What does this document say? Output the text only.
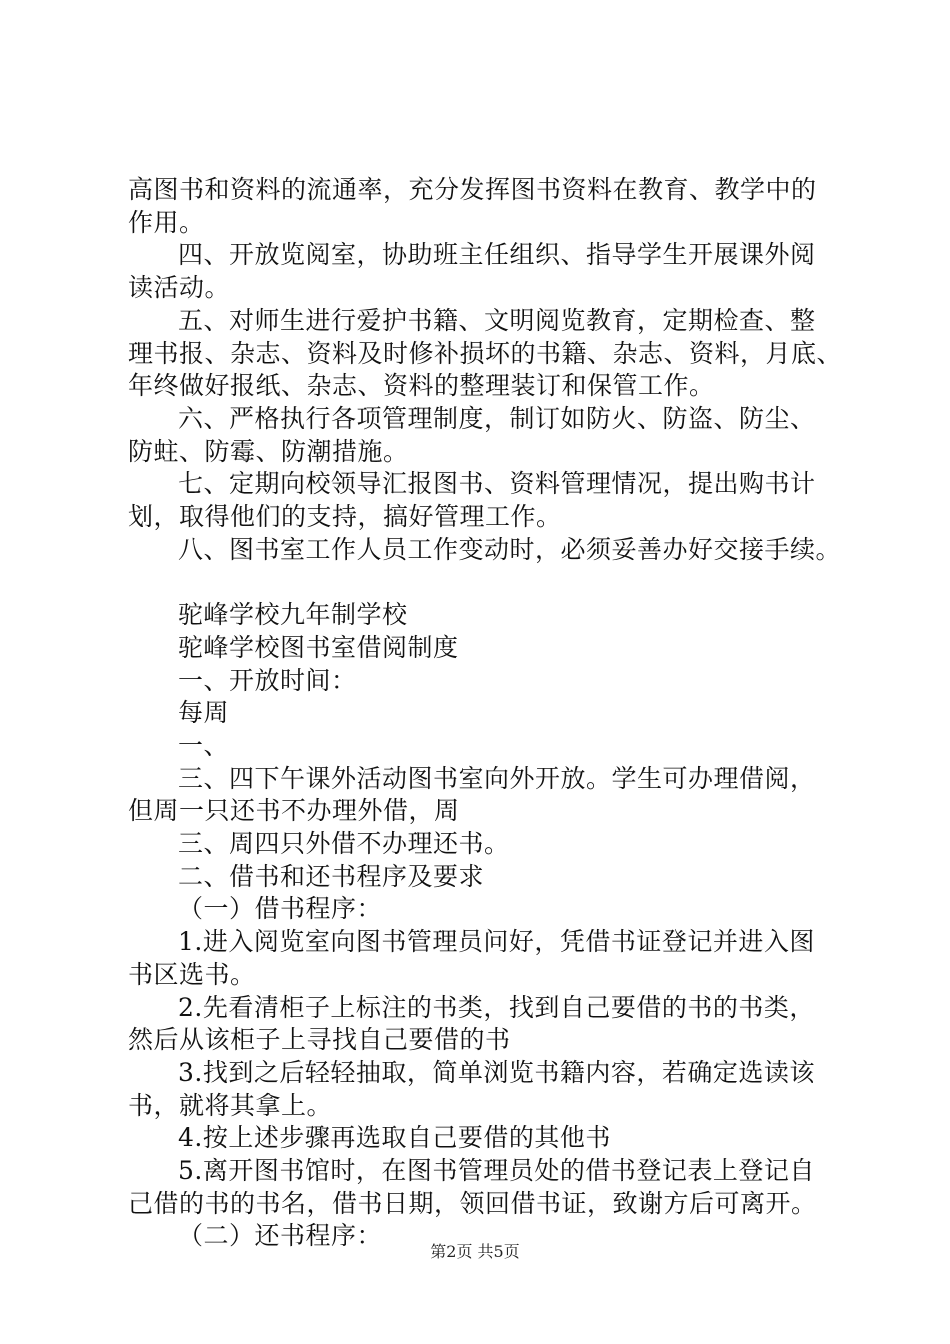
高图书和资料的流通率，充分发挥图书资料在教育、教学中的

作用。

四、开放览阅室，协助班主任组织、指导学生开展课外阅

读活动。

五、对师生进行爱护书籍、文明阅览教育，定期检查、整

理书报、杂志、资料及时修补损坏的书籍、杂志、资料，月底、

年终做好报纸、杂志、资料的整理装订和保管工作。

六、严格执行各项管理制度，制订如防火、防盗、防尘、

防蛀、防霉、防潮措施。

七、定期向校领导汇报图书、资料管理情况，提出购书计

划，取得他们的支持，搞好管理工作。

八、图书室工作人员工作变动时，必须妥善办好交接手续。

驼峰学校九年制学校

驼峰学校图书室借阅制度

一、开放时间：

每周

一、

三、四下午课外活动图书室向外开放。学生可办理借阅，

但周一只还书不办理外借，周

三、周四只外借不办理还书。

二、借书和还书程序及要求

（一）借书程序：

1.进入阅览室向图书管理员问好，凭借书证登记并进入图

书区选书。

2.先看清柜子上标注的书类，找到自己要借的书的书类，

然后从该柜子上寻找自己要借的书

3.找到之后轻轻抽取，简单浏览书籍内容，若确定选读该

书，就将其拿上。

4.按上述步骤再选取自己要借的其他书

5.离开图书馆时，在图书管理员处的借书登记表上登记自

己借的书的书名，借书日期，领回借书证，致谢方后可离开。

（二）还书程序：

第2页 共5页
